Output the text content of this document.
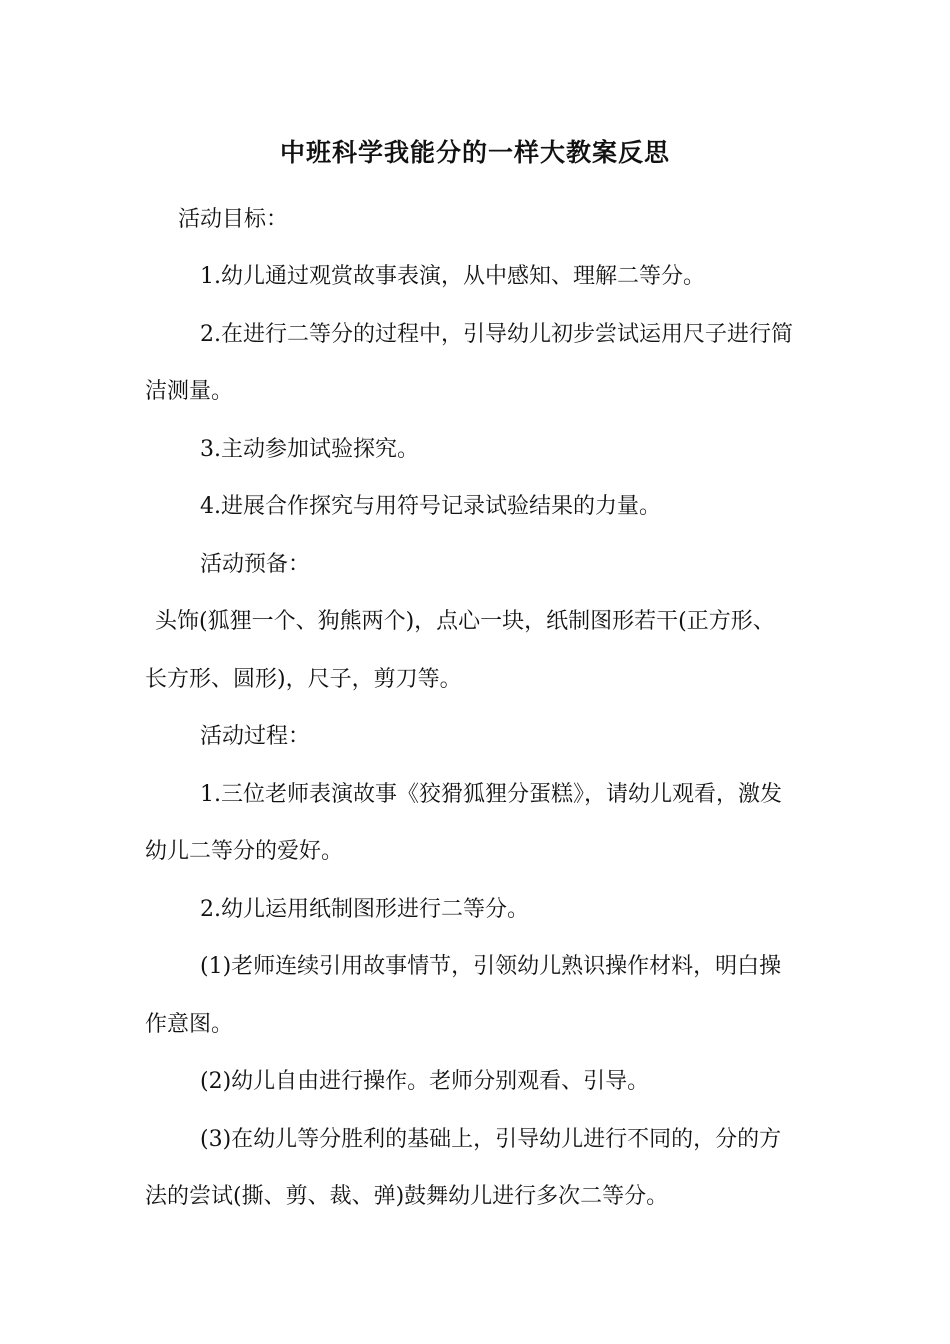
中班科学我能分的一样大教案反思
活动目标：
1.幼儿通过观赏故事表演，从中感知、理解二等分。
2.在进行二等分的过程中，引导幼儿初步尝试运用尺子进行简
洁测量。
3.主动参加试验探究。
4.进展合作探究与用符号记录试验结果的力量。
活动预备：
头饰(狐狸一个、狗熊两个)，点心一块，纸制图形若干(正方形、
长方形、圆形)，尺子，剪刀等。
活动过程：
1.三位老师表演故事《狡猾狐狸分蛋糕》，请幼儿观看，激发
幼儿二等分的爱好。
2.幼儿运用纸制图形进行二等分。
(1)老师连续引用故事情节，引领幼儿熟识操作材料，明白操
作意图。
(2)幼儿自由进行操作。老师分别观看、引导。
(3)在幼儿等分胜利的基础上，引导幼儿进行不同的，分的方
法的尝试(撕、剪、裁、弹)鼓舞幼儿进行多次二等分。
